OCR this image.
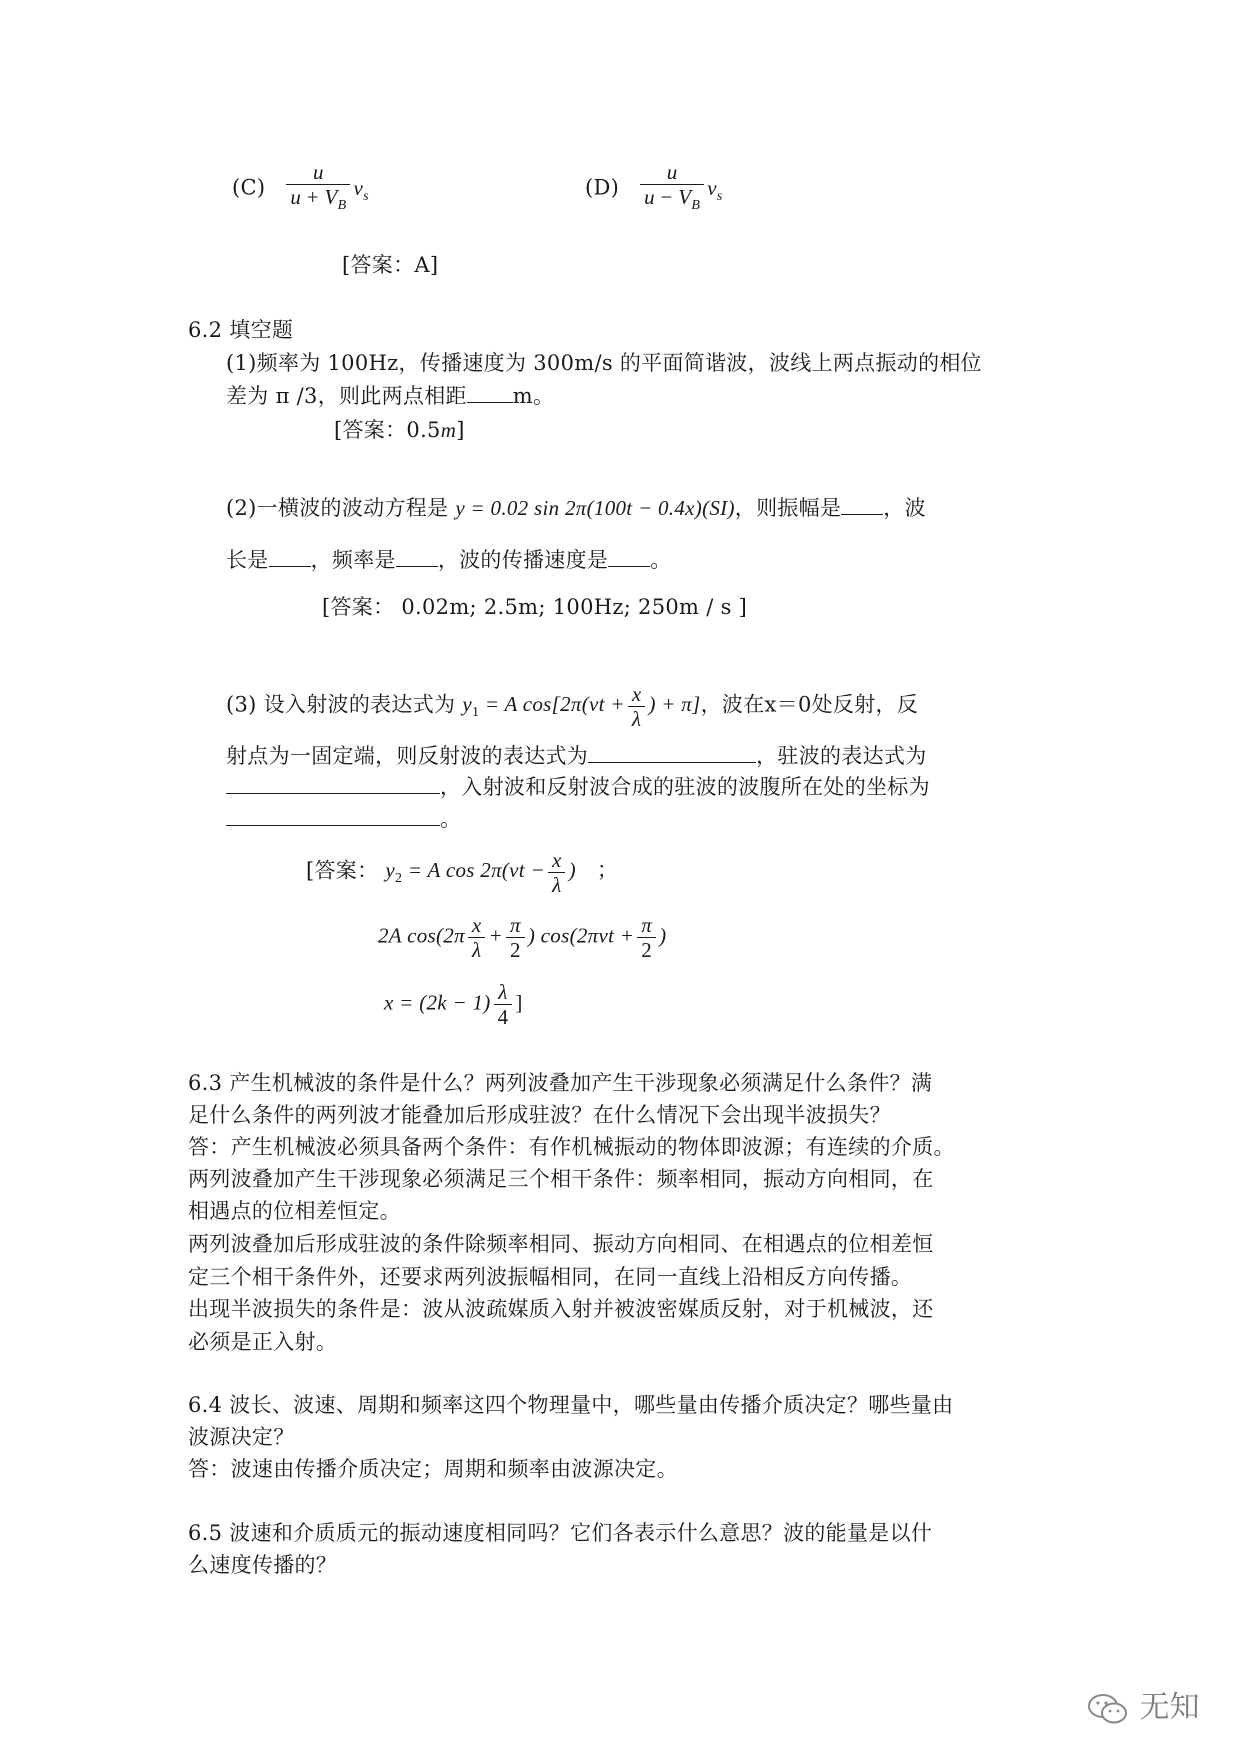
$(C) \frac{u}{u + V_B} v_s$	$(D) \frac{u}{u - V_B} v_s$
[答案：A]
6.2 填空题
(1)频率为 100Hz，传播速度为 300m/s 的平面简谐波，波线上两点振动的相位
差为 π /3，则此两点相距 m。
[答案：0.5m]
(2)一横波的波动方程是 y = 0.02 sin 2π(100t − 0.4x)(SI)，则振幅是 ，波
长是 ，频率是 ，波的传播速度是 。
[答案： 0.02m; 2.5m; 100Hz; 250m / s ]
(3) 设入射波的表达式为 $y_1 = A$ $\cos[2\pi(\nu t + \frac{x}{\lambda}$ ) + π]，波在x＝0处反射，反
射点为一固定端，则反射波的表达式为	，驻波的表达式为
，入射波和反射波合成的驻波的波腹所在处的坐标为
。
[答案： $y_2 = A$ $\cos 2\pi(\nu t - \frac{x}{\lambda}$ ) ；
2A $\cos(2\pi \frac{x}{\lambda} + \frac{\pi}{2}$ ) $\cos(2\pi\nu t + \frac{\pi}{2}$ )
$x = (2k - 1) \frac{\lambda}{4}$ ]
6.3 产生机械波的条件是什么？两列波叠加产生干涉现象必须满足什么条件？满
足什么条件的两列波才能叠加后形成驻波？在什么情况下会出现半波损失？
答：产生机械波必须具备两个条件：有作机械振动的物体即波源；有连续的介质。
两列波叠加产生干涉现象必须满足三个相干条件：频率相同，振动方向相同，在
相遇点的位相差恒定。
两列波叠加后形成驻波的条件除频率相同、振动方向相同、在相遇点的位相差恒
定三个相干条件外，还要求两列波振幅相同，在同一直线上沿相反方向传播。
出现半波损失的条件是：波从波疏媒质入射并被波密媒质反射，对于机械波，还
必须是正入射。
6.4 波长、波速、周期和频率这四个物理量中，哪些量由传播介质决定？哪些量由
波源决定？
答：波速由传播介质决定；周期和频率由波源决定。
6.5 波速和介质质元的振动速度相同吗？它们各表示什么意思？波的能量是以什
么速度传播的？
无知
